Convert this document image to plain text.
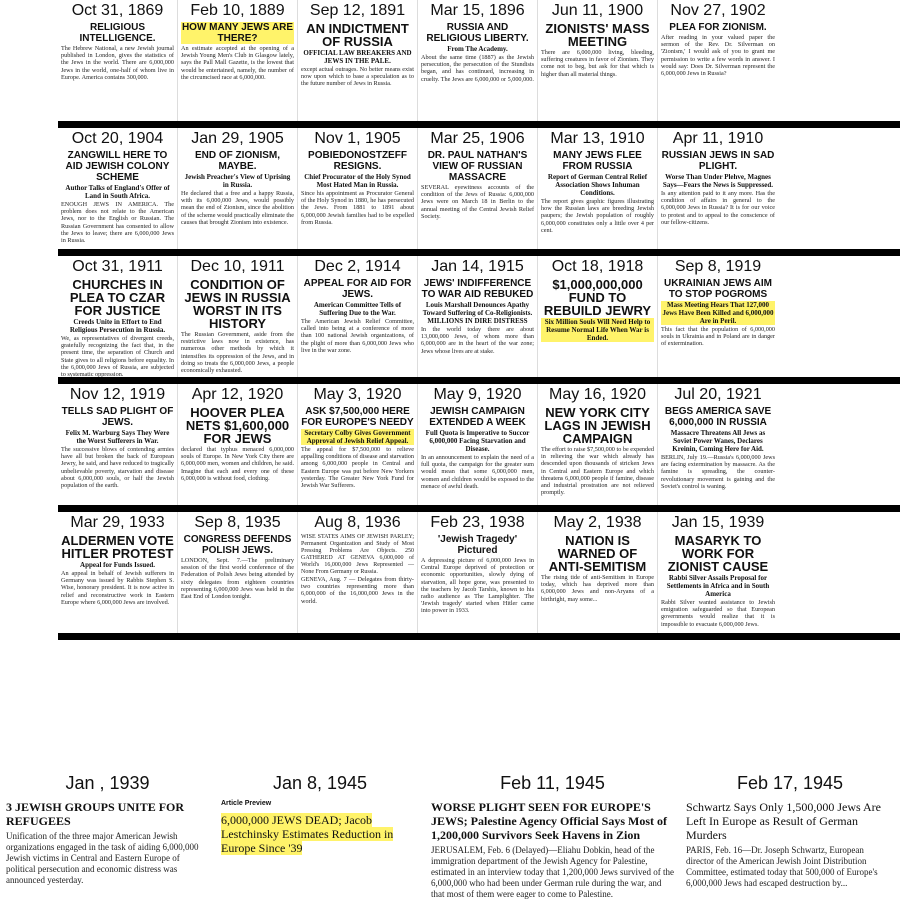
Oct 31, 1869
RELIGIOUS INTELLIGENCE.
The Hebrew National, a new Jewish journal published in London, gives the statistics of the Jews in the world. There are 6,000,000 Jews in the world, one-half of whom live in Europe. America contains 300,000.
Feb 10, 1889
HOW MANY JEWS ARE THERE?
An estimate accepted at the opening of a Jewish Young Men's Club in Glasgow lately, says the Pall Mall Gazette, is the lowest that would be entertained, namely, the number of the circumcised race at 6,000,000.
Sep 12, 1891
AN INDICTMENT OF RUSSIA
OFFICIAL LAW BREAKERS AND JEWS IN THE PALE.
except actual outrages. No better means exist now upon which to base a speculation as to the future number of Jews in Russia.
Mar 15, 1896
RUSSIA AND RELIGIOUS LIBERTY.
From The Academy.
About the same time (1887) as the Jewish persecution, the persecution of the Stundists began, and has continued, increasing in cruelty. The Jews are 6,000,000 or 5,000,000.
Jun 11, 1900
ZIONISTS' MASS MEETING
There are 6,000,000 living, bleeding, suffering creatures in favor of Zionism. They come not to beg, but ask for that which is higher than all material things.
Nov 27, 1902
PLEA FOR ZIONISM.
After reading in your valued paper the sermon of the Rev. Dr. Silverman on 'Zionism,' I would ask of you to grant me permission to write a few words in answer. I would say: Does Dr. Silverman represent the 6,000,000 Jews in Russia?
Oct 20, 1904
ZANGWILL HERE TO AID JEWISH COLONY SCHEME
Author Talks of England's Offer of Land in South Africa.
ENOUGH JEWS IN AMERICA. The problem does not relate to the American Jews, nor to the English or Russian. The Russian Government has consented to allow the Jews to leave; there are 6,000,000 Jews in Russia.
Jan 29, 1905
END OF ZIONISM, MAYBE.
Jewish Preacher's View of Uprising in Russia.
He declared that a free and a happy Russia, with its 6,000,000 Jews, would possibly mean the end of Zionism, since the abolition of the scheme would practically eliminate the causes that brought Zionism into existence.
Nov 1, 1905
POBIEDONOSTZEFF RESIGNS.
Chief Procurator of the Holy Synod Most Hated Man in Russia.
Since his appointment as Procurator General of the Holy Synod in 1880, he has persecuted the Jews. From 1881 to 1891 about 6,000,000 Jewish families had to be expelled from Russia.
Mar 25, 1906
DR. PAUL NATHAN'S VIEW OF RUSSIAN MASSACRE
SEVERAL eyewitness accounts of the condition of the Jews of Russia: 6,000,000 Jews were on March 18 in Berlin to the annual meeting of the Central Jewish Relief Society.
Mar 13, 1910
MANY JEWS FLEE FROM RUSSIA
Report of German Central Relief Association Shows Inhuman Conditions.
The report gives graphic figures illustrating how the Russian laws are breeding Jewish paupers; the Jewish population of roughly 6,000,000 constitutes only a little over 4 per cent.
Apr 11, 1910
RUSSIAN JEWS IN SAD PLIGHT.
Worse Than Under Plehve, Magnes Says—Fears the News is Suppressed.
Is any attention paid to it any more. Has the condition of affairs in general to the 6,000,000 Jews in Russia? It is for our voice to protest and to appeal to the conscience of our fellow-citizens.
Oct 31, 1911
CHURCHES IN PLEA TO CZAR FOR JUSTICE
Creeds Unite in Effort to End Religious Persecution in Russia.
We, as representatives of divergent creeds, gratefully recognizing the fact that, in the present time, the separation of Church and State gives to all religions before equality. In the 6,000,000 Jews of Russia, are subjected to systematic oppression.
Dec 10, 1911
CONDITION OF JEWS IN RUSSIA WORST IN ITS HISTORY
The Russian Government, aside from the restrictive laws now in existence, has numerous other methods by which it intensifies its oppression of the Jews, and in doing so treats the 6,000,000 Jews, a people economically exhausted.
Dec 2, 1914
APPEAL FOR AID FOR JEWS.
American Committee Tells of Suffering Due to the War.
The American Jewish Relief Committee, called into being at a conference of more than 100 national Jewish organizations, of the plight of more than 6,000,000 Jews who live in the war zone.
Jan 14, 1915
JEWS' INDIFFERENCE TO WAR AID REBUKED
Louis Marshall Denounces Apathy Toward Suffering of Co-Religionists. MILLIONS IN DIRE DISTRESS
In the world today there are about 13,000,000 Jews, of whom more than 6,000,000 are in the heart of the war zone; Jews whose lives are at stake.
Oct 18, 1918
$1,000,000,000 FUND TO REBUILD JEWRY
Six Million Souls Will Need Help to Resume Normal Life When War is Ended.
Sep 8, 1919
UKRAINIAN JEWS AIM TO STOP POGROMS
Mass Meeting Hears That 127,000 Jews Have Been Killed and 6,000,000 Are in Peril.
This fact that the population of 6,000,000 souls in Ukrainia and in Poland are in danger of extermination.
Nov 12, 1919
TELLS SAD PLIGHT OF JEWS.
Felix M. Warburg Says They Were the Worst Sufferers in War.
The successive blows of contending armies have all but broken the back of European Jewry, he said, and have reduced to tragically unbelievable poverty, starvation and disease about 6,000,000 souls, or half the Jewish population of the earth.
Apr 12, 1920
HOOVER PLEA NETS $1,600,000 FOR JEWS
declared that typhus menaced 6,000,000 souls of Europe. In New York City there are 6,000,000 men, women and children, he said. Imagine that each and every one of these 6,000,000 is without food, clothing.
May 3, 1920
ASK $7,500,000 HERE FOR EUROPE'S NEEDY
Secretary Colby Gives Government Approval of Jewish Relief Appeal.
The appeal for $7,500,000 to relieve appalling conditions of disease and starvation among 6,000,000 people in Central and Eastern Europe was put before New Yorkers yesterday. The Greater New York Fund for Jewish War Sufferers.
May 9, 1920
JEWISH CAMPAIGN EXTENDED A WEEK
Full Quota is Imperative to Succor 6,000,000 Facing Starvation and Disease.
In an announcement to explain the need of a full quota, the campaign for the greater sum would mean that some 6,000,000 men, women and children would be exposed to the menace of awful death.
May 16, 1920
NEW YORK CITY LAGS IN JEWISH CAMPAIGN
The effort to raise $7,500,000 to be expended in relieving the war which already has descended upon thousands of stricken Jews in Central and Eastern Europe and which threatens 6,000,000 people if famine, disease and industrial prostration are not relieved promptly.
Jul 20, 1921
BEGS AMERICA SAVE 6,000,000 IN RUSSIA
Massacre Threatens All Jews as Soviet Power Wanes, Declares Kreinin, Coming Here for Aid.
BERLIN, July 19.—Russia's 6,000,000 Jews are facing extermination by massacre. As the famine is spreading, the counter-revolutionary movement is gaining and the Soviet's control is waning.
Mar 29, 1933
ALDERMEN VOTE HITLER PROTEST
Appeal for Funds Issued.
An appeal in behalf of Jewish sufferers in Germany was issued by Rabbis Stephen S. Wise, honorary president. It is now active in relief and reconstructive work in Eastern Europe where 6,000,000 Jews are involved.
Sep 8, 1935
CONGRESS DEFENDS POLISH JEWS.
LONDON, Sept. 7.—The preliminary session of the first world conference of the Federation of Polish Jews being attended by sixty delegates from eighteen countries representing 6,000,000 Jews was held in the East End of London tonight.
Aug 8, 1936
WISE STATES AIMS OF JEWISH PARLEY; Permanent Organization and Study of Most Pressing Problems Are Objects. 250 GATHERED AT GENEVA 6,000,000 of World's 16,000,000 Jews Represented — None From Germany or Russia.
GENEVA, Aug. 7 — Delegates from thirty-two countries representing more than 6,000,000 of the 16,000,000 Jews in the world.
Feb 23, 1938
'Jewish Tragedy' Pictured
A depressing picture of 6,000,000 Jews in Central Europe deprived of protection or economic opportunities, slowly dying of starvation, all hope gone, was presented to the teachers by Jacob Tarshis, known to his radio audience as The Lamplighter. The 'Jewish tragedy' started when Hitler came into power in 1933.
May 2, 1938
NATION IS WARNED OF ANTI-SEMITISM
The rising tide of anti-Semitism in Europe today, which has deprived more than 6,000,000 Jews and non-Aryans of a birthright, may some...
Jan 15, 1939
MASARYK TO WORK FOR ZIONIST CAUSE
Rabbi Silver Assails Proposal for Settlements in Africa and in South America
Rabbi Silver wanted assistance to Jewish emigration safeguarded so that European governments would realize that it is impossible to evacuate 6,000,000 Jews.
Jan , 1939
3 JEWISH GROUPS UNITE FOR REFUGEES
Unification of the three major American Jewish organizations engaged in the task of aiding 6,000,000 Jewish victims in Central and Eastern Europe of political persecution and economic distress was announced yesterday.
Jan 8, 1945
Article Preview
6,000,000 JEWS DEAD; Jacob Lestchinsky Estimates Reduction in Europe Since '39
Feb 11, 1945
WORSE PLIGHT SEEN FOR EUROPE'S JEWS; Palestine Agency Official Says Most of 1,200,000 Survivors Seek Havens in Zion
JERUSALEM, Feb. 6 (Delayed)—Eliahu Dobkin, head of the immigration department of the Jewish Agency for Palestine, estimated in an interview today that 1,200,000 Jews survived of the 6,000,000 who had been under German rule during the war, and that most of them were eager to come to Palestine.
Feb 17, 1945
Schwartz Says Only 1,500,000 Jews Are Left In Europe as Result of German Murders
PARIS, Feb. 16—Dr. Joseph Schwartz, European director of the American Jewish Joint Distribution Committee, estimated today that 500,000 of Europe's 6,000,000 Jews had escaped destruction by...
